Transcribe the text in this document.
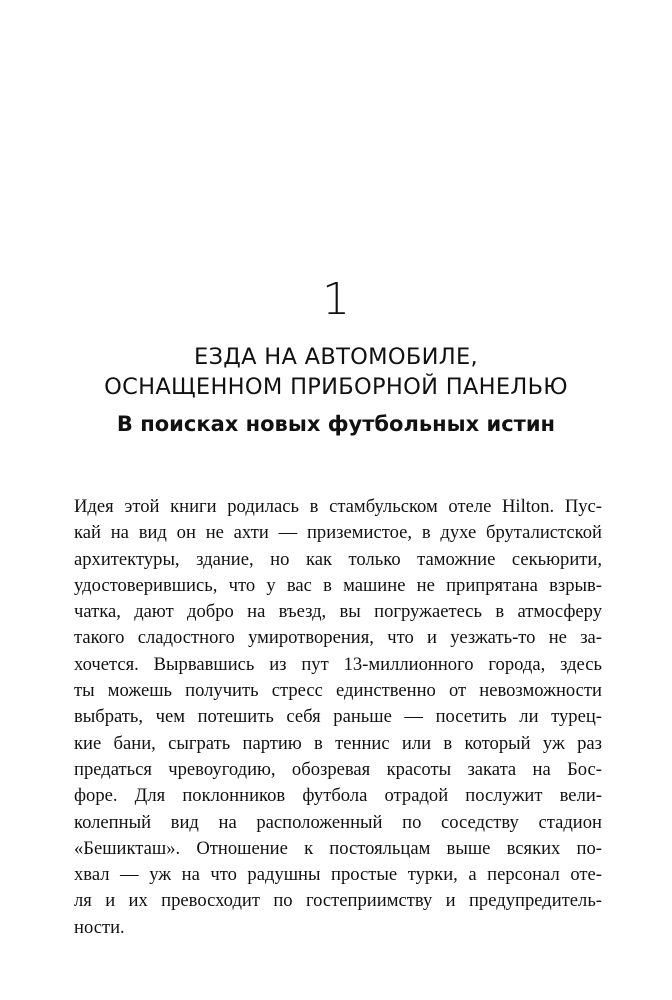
1
ЕЗДА НА АВТОМОБИЛЕ,
ОСНАЩЕННОМ ПРИБОРНОЙ ПАНЕЛЬЮ
В поисках новых футбольных истин
Идея этой книги родилась в стамбульском отеле Hilton. Пус-
кай на вид он не ахти — приземистое, в духе бруталистской
архитектуры, здание, но как только таможние секьюрити,
удостоверившись, что у вас в машине не припрятана взрыв-
чатка, дают добро на въезд, вы погружаетесь в атмосферу
такого сладостного умиротворения, что и уезжать-то не за-
хочется. Вырвавшись из пут 13-миллионного города, здесь
ты можешь получить стресс единственно от невозможности
выбрать, чем потешить себя раньше — посетить ли турец-
кие бани, сыграть партию в теннис или в который уж раз
предаться чревоугодию, обозревая красоты заката на Бос-
форе. Для поклонников футбола отрадой послужит вели-
колепный вид на расположенный по соседству стадион
«Бешикташ». Отношение к постояльцам выше всяких по-
хвал — уж на что радушны простые турки, а персонал оте-
ля и их превосходит по гостеприимству и предупредитель-
ности.
